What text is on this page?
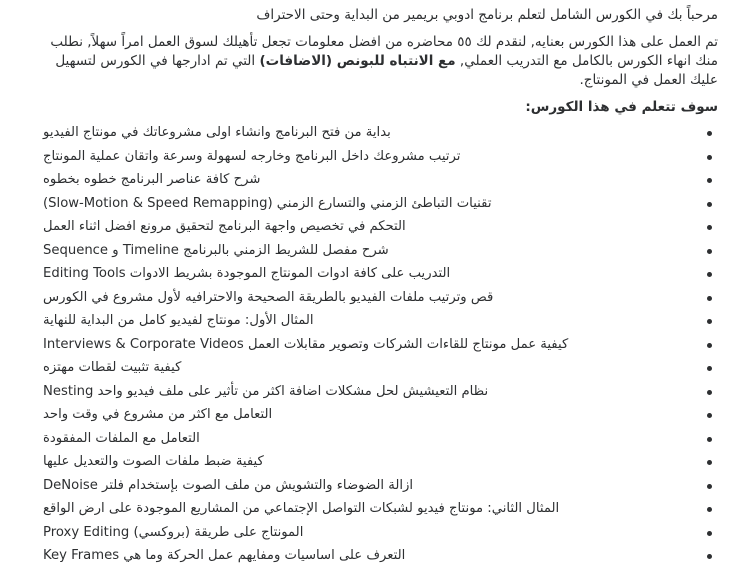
مرحباً بك في الكورس الشامل لتعلم برنامج ادوبي بريمير من البداية وحتى الاحتراف

تم العمل على هذا الكورس بعنايه, لنقدم لك ٥٥ محاضره من افضل معلومات تجعل تأهيلك لسوق العمل امراً سهلاً, نطلب منك انهاء الكورس بالكامل مع التدريب العملي, مع الانتباه للبونص (الاضافات) التي تم ادارجها في الكورس لتسهيل عليك العمل في المونتاج.

سوف تتعلم في هذا الكورس:

بداية من فتح البرنامج وانشاء اولى مشروعاتك في مونتاج الفيديو
ترتيب مشروعك داخل البرنامج وخارجه لسهولة وسرعة واتقان عملية المونتاج
شرح كافة عناصر البرنامج خطوه بخطوه
تقنيات التباطئ الزمني والتسارع الزمني (Slow-Motion & Speed Remapping)
التحكم في تخصيص واجهة البرنامج لتحقيق مرونع افضل اثناء العمل
شرح مفصل للشريط الزمني بالبرنامج Timeline و Sequence
التدريب على كافة ادوات المونتاج الموجودة بشريط الادوات Editing Tools
قص وترتيب ملفات الفيديو بالطريقة الصحيحة والاحترافيه لأول مشروع في الكورس
المثال الأول: مونتاج لفيديو كامل من البداية للنهاية
كيفية عمل مونتاج للقاءات الشركات وتصوير مقابلات العمل Interviews & Corporate Videos
كيفية تثبيت لقطات مهتزه
نظام التعيشيش لحل مشكلات اضافة اكثر من تأثير على ملف فيديو واحد Nesting
التعامل مع اكثر من مشروع في وقت واحد
التعامل مع الملفات المفقودة
كيفية ضبط ملفات الصوت والتعديل عليها
ازالة الضوضاء والتشويش من ملف الصوت بإستخدام فلتر DeNoise
المثال الثاني: مونتاج فيديو لشبكات التواصل الإجتماعي من المشاريع الموجودة على ارض الواقع
المونتاج على طريقة (بروكسي) Proxy Editing
التعرف على اساسيات ومفايهم عمل الحركة وما هي Key Frames
